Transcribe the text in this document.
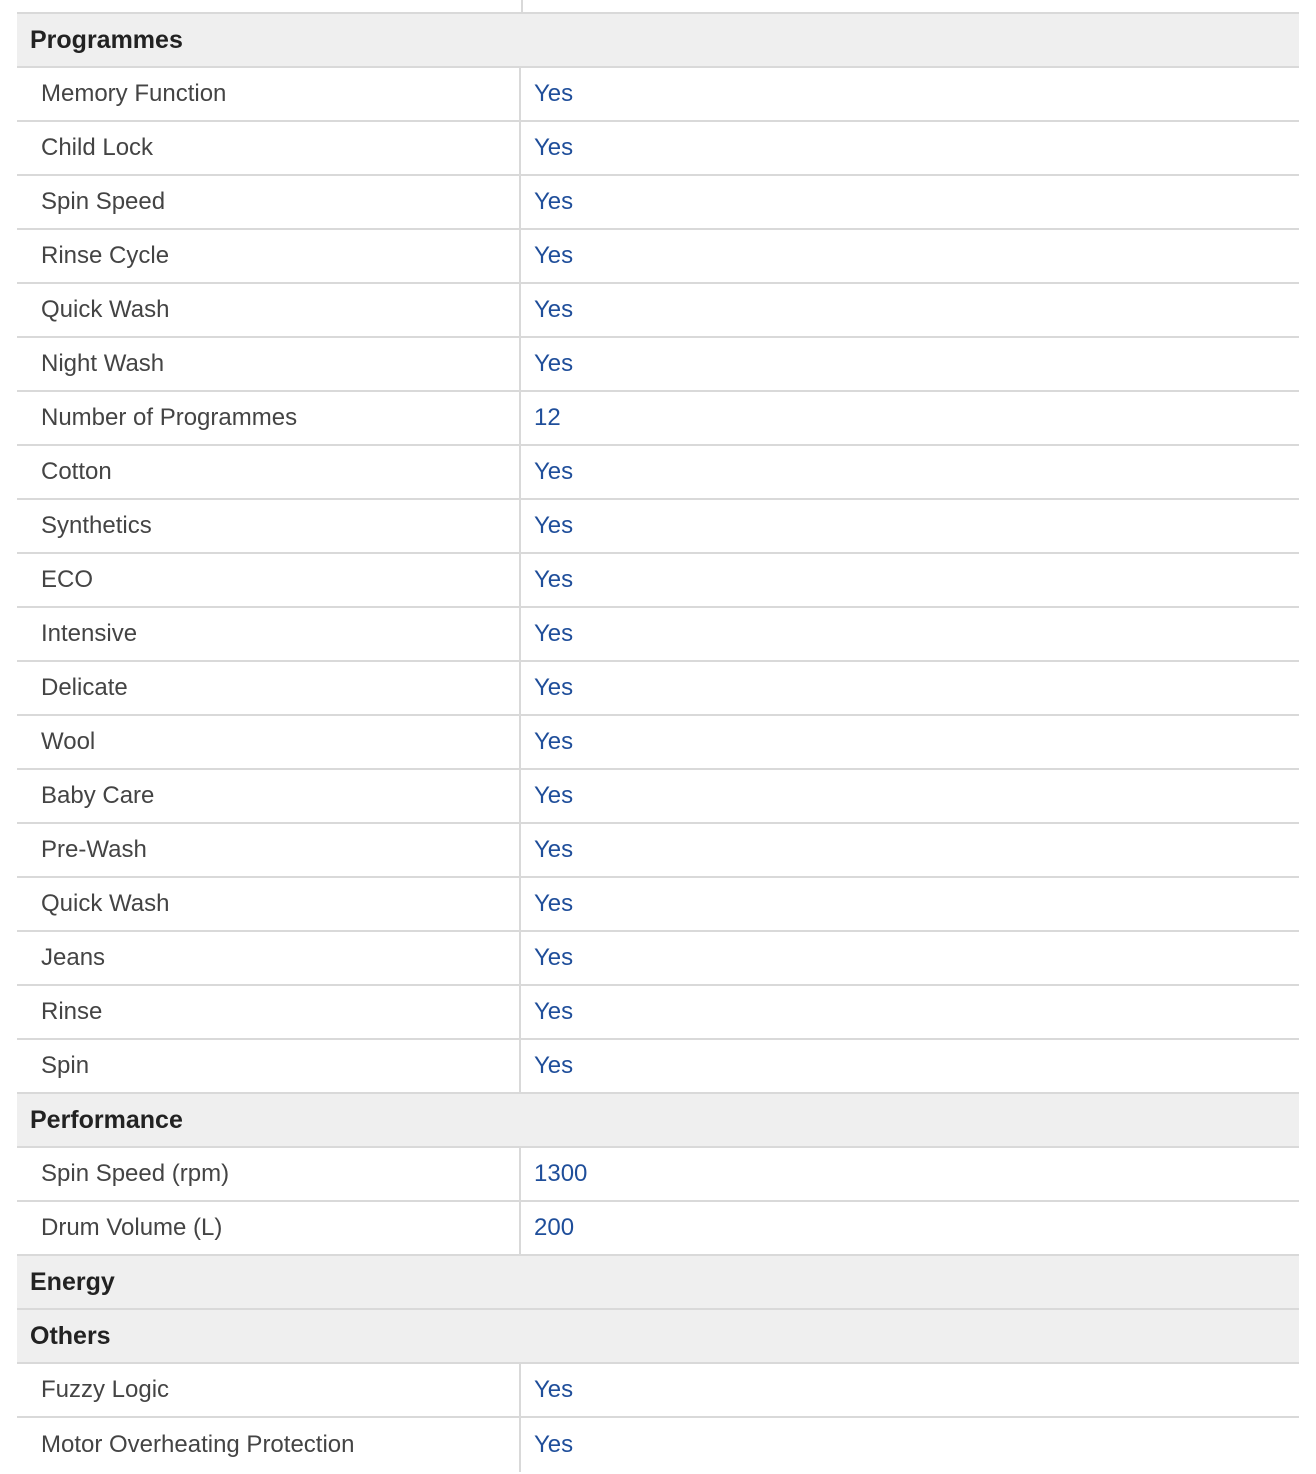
Programmes
Memory Function	Yes
Child Lock	Yes
Spin Speed	Yes
Rinse Cycle	Yes
Quick Wash	Yes
Night Wash	Yes
Number of Programmes	12
Cotton	Yes
Synthetics	Yes
ECO	Yes
Intensive	Yes
Delicate	Yes
Wool	Yes
Baby Care	Yes
Pre-Wash	Yes
Quick Wash	Yes
Jeans	Yes
Rinse	Yes
Spin	Yes
Performance
Spin Speed (rpm)	1300
Drum Volume (L)	200
Energy
Others
Fuzzy Logic	Yes
Motor Overheating Protection	Yes
